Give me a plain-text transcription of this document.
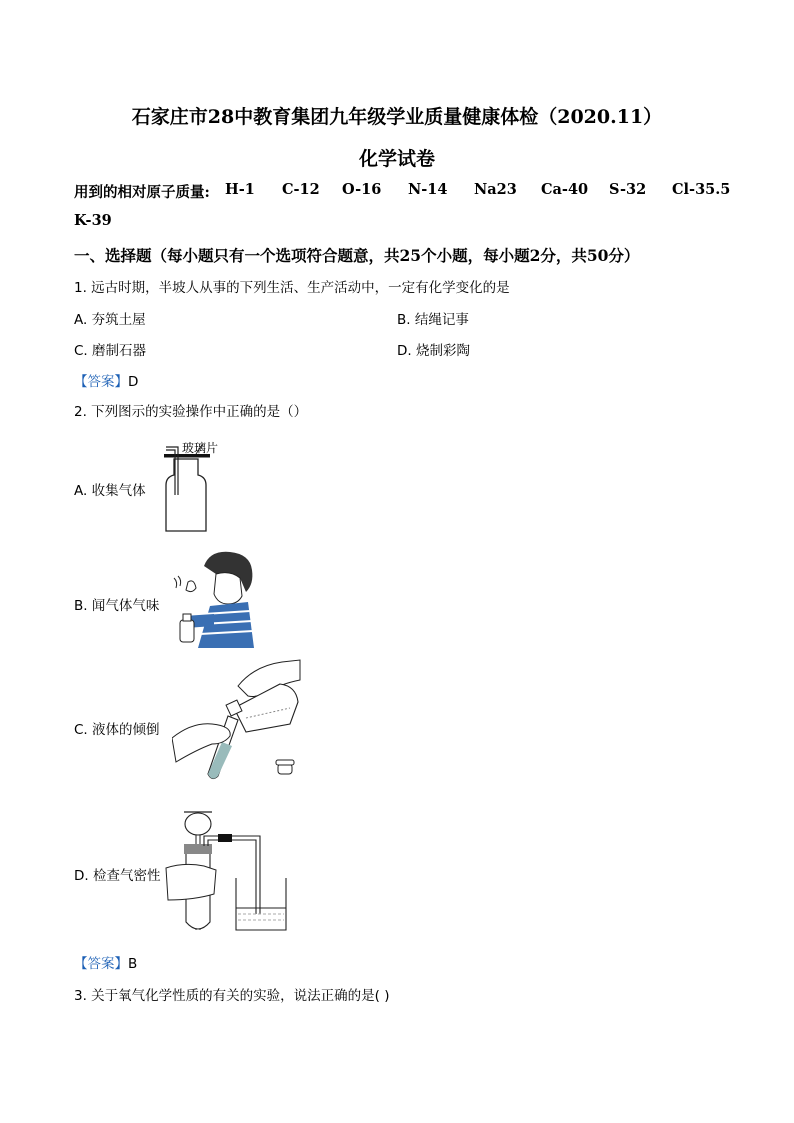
石家庄市28中教育集团九年级学业质量健康体检（2020.11）
化学试卷
用到的相对原子质量: H-1 C-12 O-16 N-14 Na23 Ca-40 S-32 Cl-35.5
K-39
一、选择题（每小题只有一个选项符合题意，共25个小题，每小题2分，共50分）
1. 远古时期，半坡人从事的下列生活、生产活动中，一定有化学变化的是
A. 夯筑土屋	B. 结绳记事
C. 磨制石器	D. 烧制彩陶
【答案】D
2. 下列图示的实验操作中正确的是（）
A. 收集气体
玻璃片
B. 闻气体气味
C. 液体的倾倒
D. 检查气密性
【答案】B
3. 关于氧气化学性质的有关的实验，说法正确的是( )
